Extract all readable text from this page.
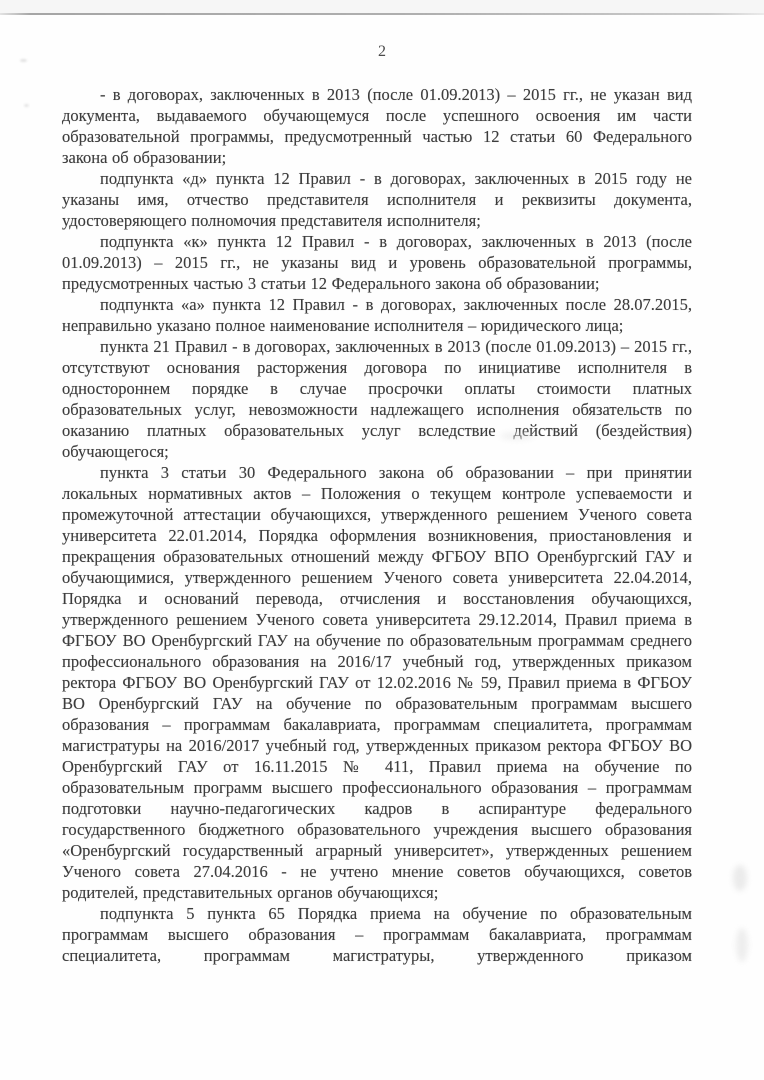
2

- в договорах, заключенных в 2013 (после 01.09.2013) – 2015 гг., не указан вид документа, выдаваемого обучающемуся после успешного освоения им части образовательной программы, предусмотренный частью 12 статьи 60 Федерального закона об образовании;

подпункта «д» пункта 12 Правил - в договорах, заключенных в 2015 году не указаны имя, отчество представителя исполнителя и реквизиты документа, удостоверяющего полномочия представителя исполнителя;

подпункта «к» пункта 12 Правил - в договорах, заключенных в 2013 (после 01.09.2013) – 2015 гг., не указаны вид и уровень образовательной программы, предусмотренных частью 3 статьи 12 Федерального закона об образовании;

подпункта «а» пункта 12 Правил - в договорах, заключенных после 28.07.2015, неправильно указано полное наименование исполнителя – юридического лица;

пункта 21 Правил - в договорах, заключенных в 2013 (после 01.09.2013) – 2015 гг., отсутствуют основания расторжения договора по инициативе исполнителя в одностороннем порядке в случае просрочки оплаты стоимости платных образовательных услуг, невозможности надлежащего исполнения обязательств по оказанию платных образовательных услуг вследствие действий (бездействия) обучающегося;

пункта 3 статьи 30 Федерального закона об образовании – при принятии локальных нормативных актов – Положения о текущем контроле успеваемости и промежуточной аттестации обучающихся, утвержденного решением Ученого совета университета 22.01.2014, Порядка оформления возникновения, приостановления и прекращения образовательных отношений между ФГБОУ ВПО Оренбургский ГАУ и обучающимися, утвержденного решением Ученого совета университета 22.04.2014, Порядка и оснований перевода, отчисления и восстановления обучающихся, утвержденного решением Ученого совета университета 29.12.2014, Правил приема в ФГБОУ ВО Оренбургский ГАУ на обучение по образовательным программам среднего профессионального образования на 2016/17 учебный год, утвержденных приказом ректора ФГБОУ ВО Оренбургский ГАУ от 12.02.2016 № 59, Правил приема в ФГБОУ ВО Оренбургский ГАУ на обучение по образовательным программам высшего образования – программам бакалавриата, программам специалитета, программам магистратуры на 2016/2017 учебный год, утвержденных приказом ректора ФГБОУ ВО Оренбургский ГАУ от 16.11.2015 № 411, Правил приема на обучение по образовательным программ высшего профессионального образования – программам подготовки научно-педагогических кадров в аспирантуре федерального государственного бюджетного образовательного учреждения высшего образования «Оренбургский государственный аграрный университет», утвержденных решением Ученого совета 27.04.2016 - не учтено мнение советов обучающихся, советов родителей, представительных органов обучающихся;

подпункта 5 пункта 65 Порядка приема на обучение по образовательным программам высшего образования – программам бакалавриата, программам специалитета, программам магистратуры, утвержденного приказом
